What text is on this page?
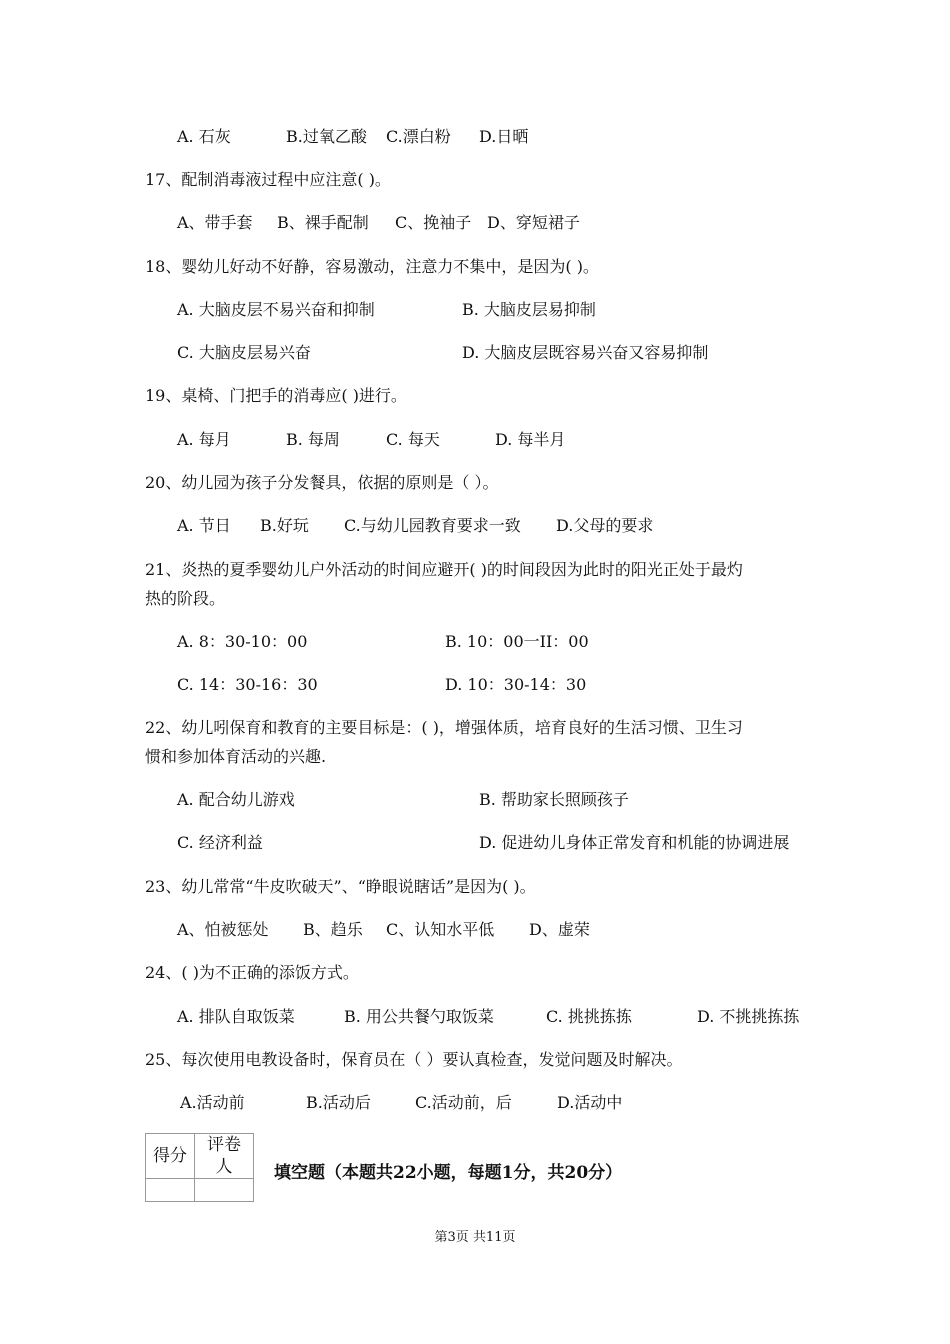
A. 石灰	B.过氧乙酸 C.漂白粉 D.日晒
17、配制消毒液过程中应注意( )。
A、带手套 B、裸手配制 C、挽袖子 D、穿短裙子
18、婴幼儿好动不好静，容易激动，注意力不集中，是因为( )。
A. 大脑皮层不易兴奋和抑制	B. 大脑皮层易抑制
C. 大脑皮层易兴奋	D. 大脑皮层既容易兴奋又容易抑制
19、桌椅、门把手的消毒应( )进行。
A. 每月	B. 每周	C. 每天	D. 每半月
20、幼儿园为孩子分发餐具，依据的原则是（ ）。
A. 节日 B.好玩 C.与幼儿园教育要求一致 D.父母的要求
21、炎热的夏季婴幼儿户外活动的时间应避开( )的时间段因为此时的阳光正处于最灼
热的阶段。
A. 8：30-10：00	B. 10：00一II：00
C. 14：30-16：30	D. 10：30-14：30
22、幼儿吲保育和教育的主要目标是：( )，增强体质，培育良好的生活习惯、卫生习
惯和参加体育活动的兴趣.
A. 配合幼儿游戏	B. 帮助家长照顾孩子
C. 经济利益	D. 促进幼儿身体正常发育和机能的协调进展
23、幼儿常常“牛皮吹破天”、“睁眼说瞎话”是因为( )。
A、怕被惩处 B、趋乐 C、认知水平低 D、虚荣
24、( )为不正确的添饭方式。
A. 排队自取饭菜	B. 用公共餐勺取饭菜	C. 挑挑拣拣	D. 不挑挑拣拣
25、每次使用电教设备时，保育员在（ ）要认真检查，发觉问题及时解决。
A.活动前	B.活动后	C.活动前，后	D.活动中
得分	评卷人
	填空题（本题共22小题，每题1分，共20分）
第3页 共11页
